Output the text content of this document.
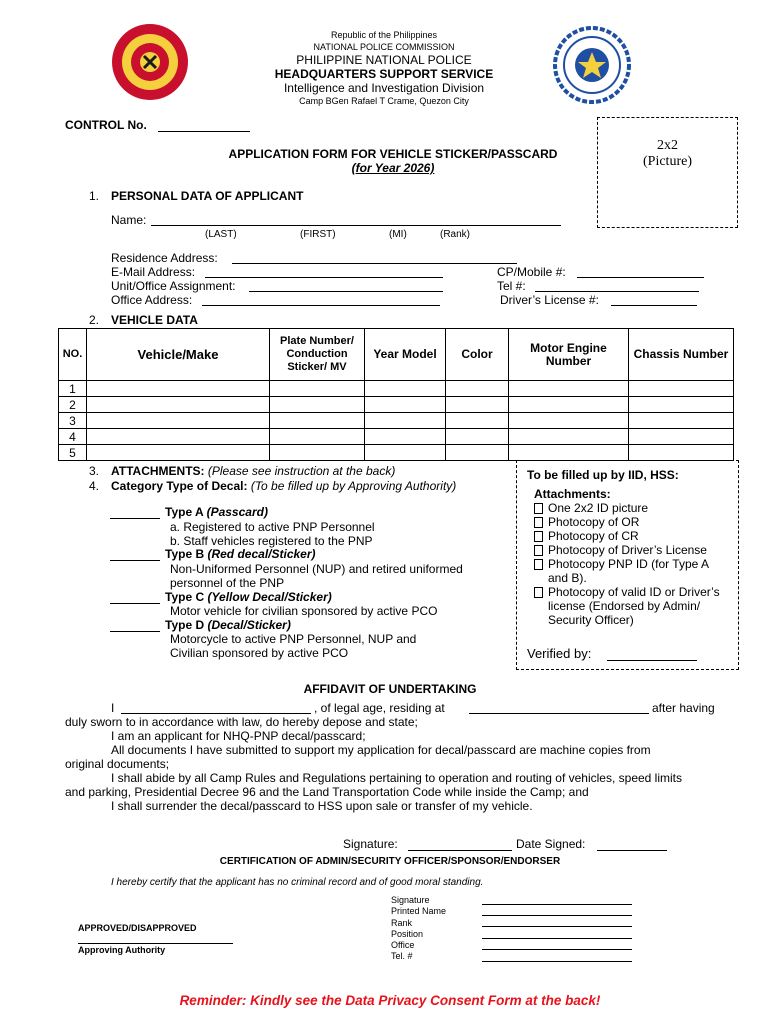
Republic of the Philippines
NATIONAL POLICE COMMISSION
PHILIPPINE NATIONAL POLICE
HEADQUARTERS SUPPORT SERVICE
Intelligence and Investigation Division
Camp BGen Rafael T Crame, Quezon City
CONTROL No.
2x2
(Picture)
APPLICATION FORM FOR VEHICLE STICKER/PASSCARD
(for Year 2026)
1. PERSONAL DATA OF APPLICANT
Name:
(LAST)	(FIRST)	(MI)	(Rank)
Residence Address:
E-Mail Address:
Unit/Office Assignment:
Office Address:
CP/Mobile #:
Tel #:
Driver’s License #:
2. VEHICLE DATA
NO.	Vehicle/Make	Plate Number/ Conduction Sticker/ MV	Year Model	Color	Motor Engine Number	Chassis Number
1						
2						
3						
4						
5						
3. ATTACHMENTS: (Please see instruction at the back)
4. Category Type of Decal: (To be filled up by Approving Authority)
Type A (Passcard)
a. Registered to active PNP Personnel
b. Staff vehicles registered to the PNP
Type B (Red decal/Sticker)
Non-Uniformed Personnel (NUP) and retired uniformed
personnel of the PNP
Type C (Yellow Decal/Sticker)
Motor vehicle for civilian sponsored by active PCO
Type D (Decal/Sticker)
Motorcycle to active PNP Personnel, NUP and
Civilian sponsored by active PCO
To be filled up by IID, HSS:
Attachments:
One 2x2 ID picture
Photocopy of OR
Photocopy of CR
Photocopy of Driver’s License
Photocopy PNP ID (for Type A
and B).
Photocopy of valid ID or Driver’s
license (Endorsed by Admin/
Security Officer)
Verified by:
AFFIDAVIT OF UNDERTAKING
I	, of legal age, residing at	after having
duly sworn to in accordance with law, do hereby depose and state;
I am an applicant for NHQ-PNP decal/passcard;
All documents I have submitted to support my application for decal/passcard are machine copies from
original documents;
I shall abide by all Camp Rules and Regulations pertaining to operation and routing of vehicles, speed limits
and parking, Presidential Decree 96 and the Land Transportation Code while inside the Camp; and
I shall surrender the decal/passcard to HSS upon sale or transfer of my vehicle.
Signature:	Date Signed:
CERTIFICATION OF ADMIN/SECURITY OFFICER/SPONSOR/ENDORSER
I hereby certify that the applicant has no criminal record and of good moral standing.
Signature
Printed Name
Rank
Position
Office
Tel. #
APPROVED/DISAPPROVED
Approving Authority
Reminder: Kindly see the Data Privacy Consent Form at the back!
